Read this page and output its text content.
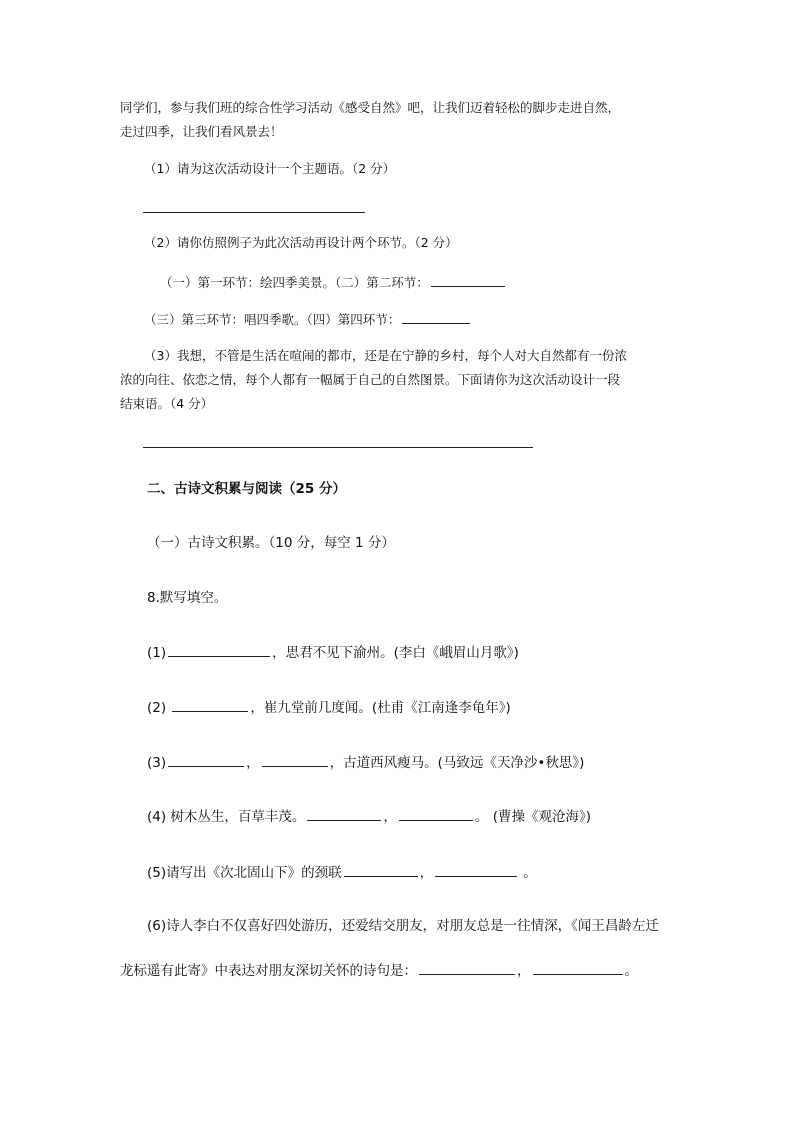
同学们，参与我们班的综合性学习活动《感受自然》吧，让我们迈着轻松的脚步走进自然，
走过四季，让我们看风景去！
（1）请为这次活动设计一个主题语。（2 分）
（2）请你仿照例子为此次活动再设计两个环节。（2 分）
（一）第一环节：绘四季美景。（二）第二环节：
（三）第三环节：唱四季歌。（四）第四环节：
（3）我想，不管是生活在喧闹的都市，还是在宁静的乡村，每个人对大自然都有一份浓
浓的向往、依恋之情，每个人都有一幅属于自己的自然图景。下面请你为这次活动设计一段
结束语。（4 分）
二、古诗文积累与阅读（25 分）
（一）古诗文积累。（10 分，每空 1 分）
8.默写填空。
(1)	，思君不见下渝州。(李白《峨眉山月歌》)
(2)	，崔九堂前几度闻。(杜甫《江南逢李龟年》)
(3)	，	，古道西风瘦马。(马致远《天净沙•秋思》)
(4) 树木丛生，百草丰茂。	，	。 (曹操《观沧海》)
(5)请写出《次北固山下》的颈联	，	。
(6)诗人李白不仅喜好四处游历，还爱结交朋友，对朋友总是一往情深，《闻王昌龄左迁
龙标遥有此寄》中表达对朋友深切关怀的诗句是：	，	。
